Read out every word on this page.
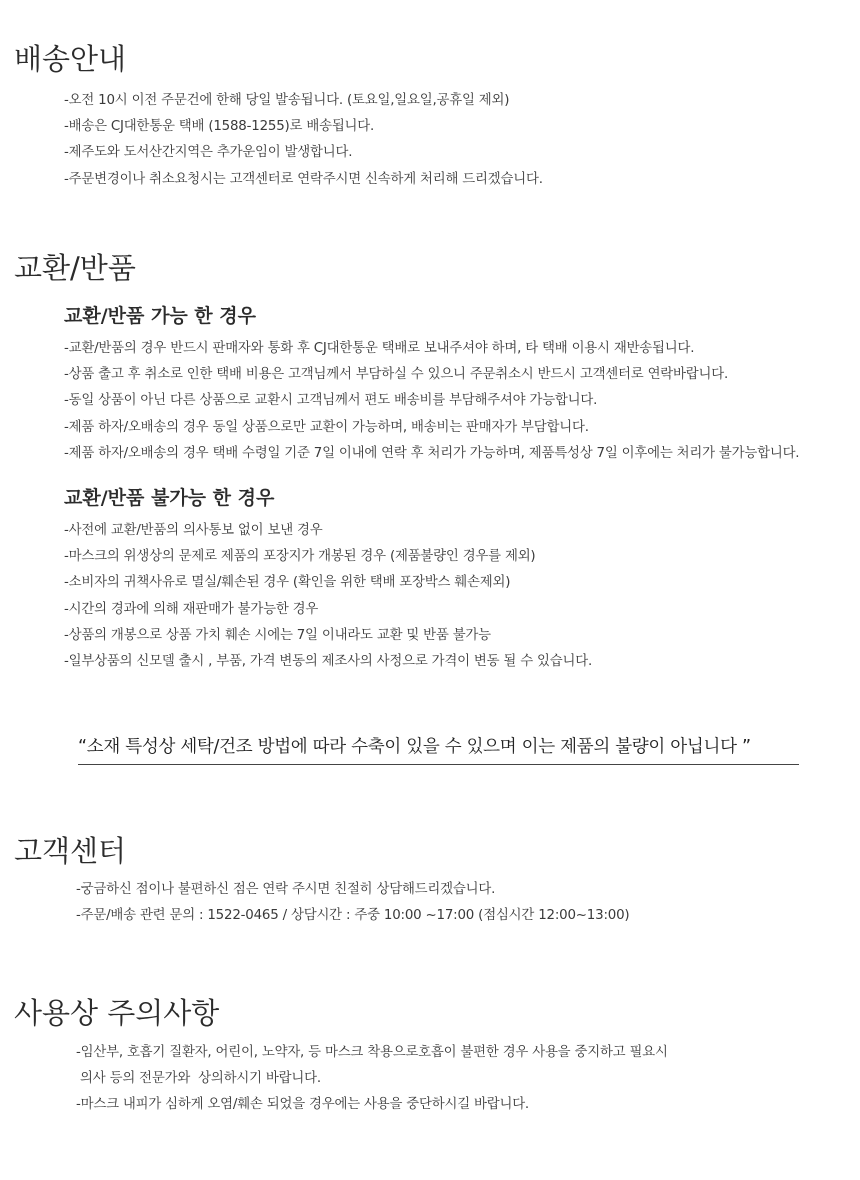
배송안내
-오전 10시 이전 주문건에 한해 당일 발송됩니다. (토요일,일요일,공휴일 제외)
-배송은 CJ대한통운 택배 (1588-1255)로 배송됩니다.
-제주도와 도서산간지역은 추가운임이 발생합니다.
-주문변경이나 취소요청시는 고객센터로 연락주시면 신속하게 처리해 드리겠습니다.
교환/반품
교환/반품 가능 한 경우
-교환/반품의 경우 반드시 판매자와 통화 후 CJ대한통운 택배로 보내주셔야 하며, 타 택배 이용시 재반송됩니다.
-상품 출고 후 취소로 인한 택배 비용은 고객님께서 부담하실 수 있으니 주문취소시 반드시 고객센터로 연락바랍니다.
-동일 상품이 아닌 다른 상품으로 교환시 고객님께서 편도 배송비를 부담해주셔야 가능합니다.
-제품 하자/오배송의 경우 동일 상품으로만 교환이 가능하며, 배송비는 판매자가 부담합니다.
-제품 하자/오배송의 경우 택배 수령일 기준 7일 이내에 연락 후 처리가 가능하며, 제품특성상 7일 이후에는 처리가 불가능합니다.
교환/반품 불가능 한 경우
-사전에 교환/반품의 의사통보 없이 보낸 경우
-마스크의 위생상의 문제로 제품의 포장지가 개봉된 경우 (제품불량인 경우를 제외)
-소비자의 귀책사유로 멸실/훼손된 경우 (확인을 위한 택배 포장박스 훼손제외)
-시간의 경과에 의해 재판매가 불가능한 경우
-상품의 개봉으로 상품 가치 훼손 시에는 7일 이내라도 교환 및 반품 불가능
-일부상품의 신모델 출시 , 부품, 가격 변동의 제조사의 사정으로 가격이 변동 될 수 있습니다.
“소재 특성상 세탁/건조 방법에 따라 수축이 있을 수 있으며 이는 제품의 불량이 아닙니다 ”
고객센터
-궁금하신 점이나 불편하신 점은 연락 주시면 친절히 상담해드리겠습니다.
-주문/배송 관련 문의 : 1522-0465 / 상담시간 : 주중 10:00 ~17:00 (점심시간 12:00~13:00)
사용상 주의사항
-임산부, 호흡기 질환자, 어린이, 노약자, 등 마스크 착용으로호흡이 불편한 경우 사용을 중지하고 필요시
의사 등의 전문가와  상의하시기 바랍니다.
-마스크 내피가 심하게 오염/훼손 되었을 경우에는 사용을 중단하시길 바랍니다.
